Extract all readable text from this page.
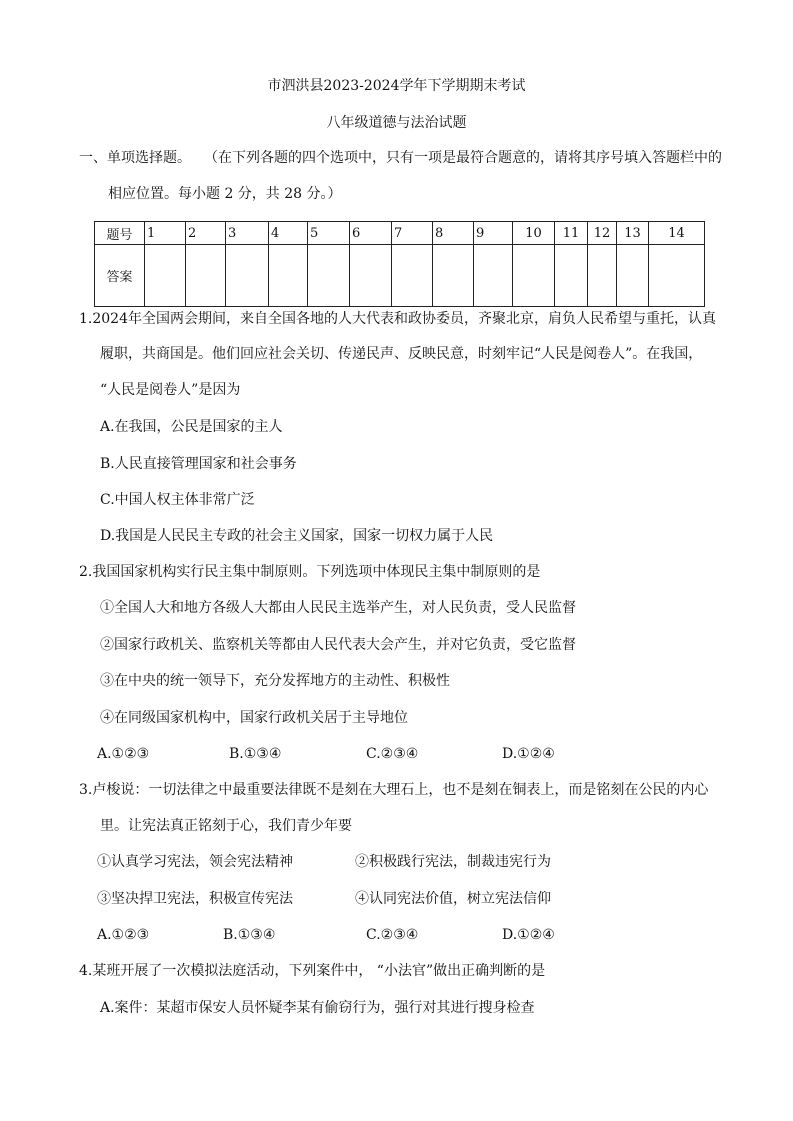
市泗洪县2023-2024学年下学期期末考试
八年级道德与法治试题
一、单项选择题。 （在下列各题的四个选项中，只有一项是最符合题意的，请将其序号填入答题栏中的
相应位置。每小题 2 分，共 28 分。）
题号	1	2	3	4	5	6	7	8	9	10	11	12	13	14
答案														
1.2024年全国两会期间，来自全国各地的人大代表和政协委员，齐聚北京，肩负人民希望与重托，认真
履职，共商国是。他们回应社会关切、传递民声、反映民意，时刻牢记“人民是阅卷人”。在我国，
“人民是阅卷人”是因为
A.在我国，公民是国家的主人
B.人民直接管理国家和社会事务
C.中国人权主体非常广泛
D.我国是人民民主专政的社会主义国家，国家一切权力属于人民
2.我国国家机构实行民主集中制原则。下列选项中体现民主集中制原则的是
①全国人大和地方各级人大都由人民民主选举产生，对人民负责，受人民监督
②国家行政机关、监察机关等都由人民代表大会产生，并对它负责，受它监督
③在中央的统一领导下，充分发挥地方的主动性、积极性
④在同级国家机构中，国家行政机关居于主导地位
A.①②③	B.①③④	C.②③④	D.①②④
3.卢梭说：一切法律之中最重要法律既不是刻在大理石上，也不是刻在铜表上，而是铭刻在公民的内心
里。让宪法真正铭刻于心，我们青少年要
①认真学习宪法，领会宪法精神	②积极践行宪法，制裁违宪行为
③坚决捍卫宪法，积极宣传宪法	④认同宪法价值，树立宪法信仰
A.①②③	B.①③④	C.②③④	D.①②④
4.某班开展了一次模拟法庭活动，下列案件中， “小法官”做出正确判断的是
A.案件：某超市保安人员怀疑李某有偷窃行为，强行对其进行搜身检查
